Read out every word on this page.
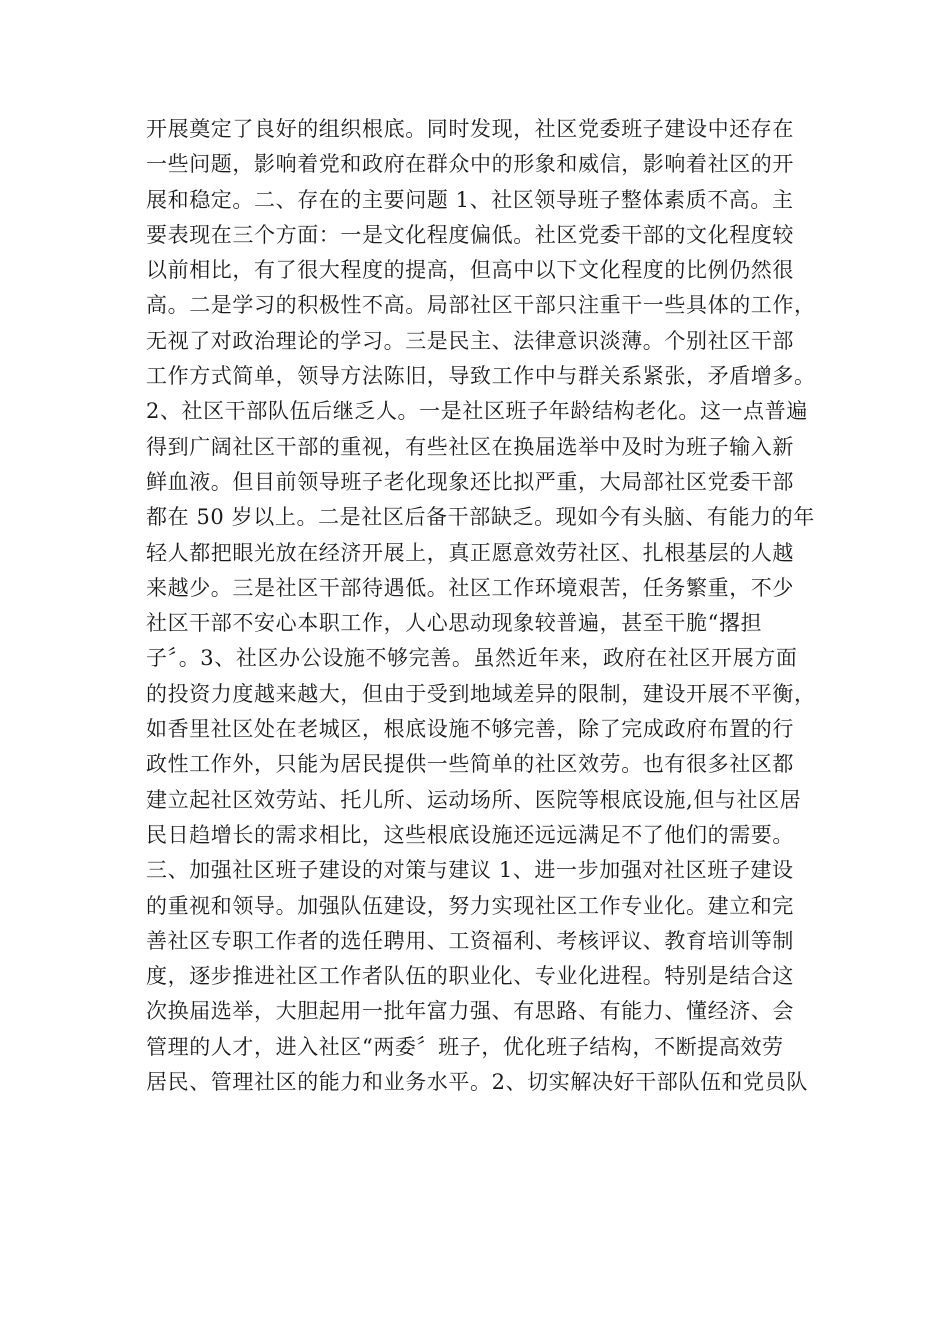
开展奠定了良好的组织根底。同时发现，社区党委班子建设中还存在
一些问题，影响着党和政府在群众中的形象和威信，影响着社区的开
展和稳定。二、存在的主要问题 1、社区领导班子整体素质不高。主
要表现在三个方面：一是文化程度偏低。社区党委干部的文化程度较
以前相比，有了很大程度的提高，但高中以下文化程度的比例仍然很
高。二是学习的积极性不高。局部社区干部只注重干一些具体的工作，
无视了对政治理论的学习。三是民主、法律意识淡薄。个别社区干部
工作方式简单，领导方法陈旧，导致工作中与群关系紧张，矛盾增多。
2、社区干部队伍后继乏人。一是社区班子年龄结构老化。这一点普遍
得到广阔社区干部的重视，有些社区在换届选举中及时为班子输入新
鲜血液。但目前领导班子老化现象还比拟严重，大局部社区党委干部
都在 50 岁以上。二是社区后备干部缺乏。现如今有头脑、有能力的年
轻人都把眼光放在经济开展上，真正愿意效劳社区、扎根基层的人越
来越少。三是社区干部待遇低。社区工作环境艰苦，任务繁重，不少
社区干部不安心本职工作，人心思动现象较普遍，甚至干脆“撂担
子〞。3、社区办公设施不够完善。虽然近年来，政府在社区开展方面
的投资力度越来越大，但由于受到地域差异的限制，建设开展不平衡，
如香里社区处在老城区，根底设施不够完善，除了完成政府布置的行
政性工作外，只能为居民提供一些简单的社区效劳。也有很多社区都
建立起社区效劳站、托儿所、运动场所、医院等根底设施,但与社区居
民日趋增长的需求相比，这些根底设施还远远满足不了他们的需要。
三、加强社区班子建设的对策与建议 1、进一步加强对社区班子建设
的重视和领导。加强队伍建设，努力实现社区工作专业化。建立和完
善社区专职工作者的选任聘用、工资福利、考核评议、教育培训等制
度，逐步推进社区工作者队伍的职业化、专业化进程。特别是结合这
次换届选举，大胆起用一批年富力强、有思路、有能力、懂经济、会
管理的人才，进入社区“两委〞班子，优化班子结构，不断提高效劳
居民、管理社区的能力和业务水平。2、切实解决好干部队伍和党员队
